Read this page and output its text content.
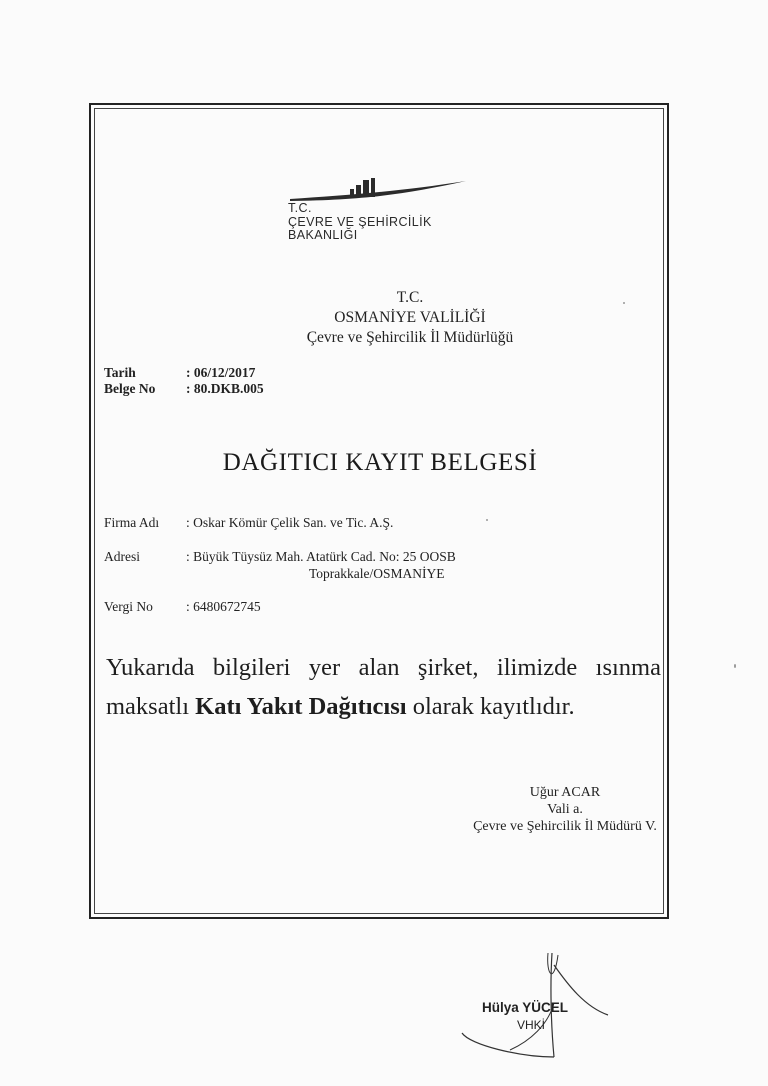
T.C.
ÇEVRE VE ŞEHİRCİLİK
BAKANLIĞI
T.C.
OSMANİYE VALİLİĞİ
Çevre ve Şehircilik İl Müdürlüğü
Tarih	: 06/12/2017
Belge No : 80.DKB.005
DAĞITICI KAYIT BELGESİ
Firma Adı : Oskar Kömür Çelik San. ve Tic. A.Ş.
Adresi	: Büyük Tüysüz Mah. Atatürk Cad. No: 25 OOSB
Toprakkale/OSMANİYE
Vergi No : 6480672745
Yukarıda bilgileri yer alan şirket, ilimizde ısınma maksatlı Katı Yakıt Dağıtıcısı olarak kayıtlıdır.
Uğur ACAR
Vali a.
Çevre ve Şehircilik İl Müdürü V.
Hülya YÜCEL
VHKİ
